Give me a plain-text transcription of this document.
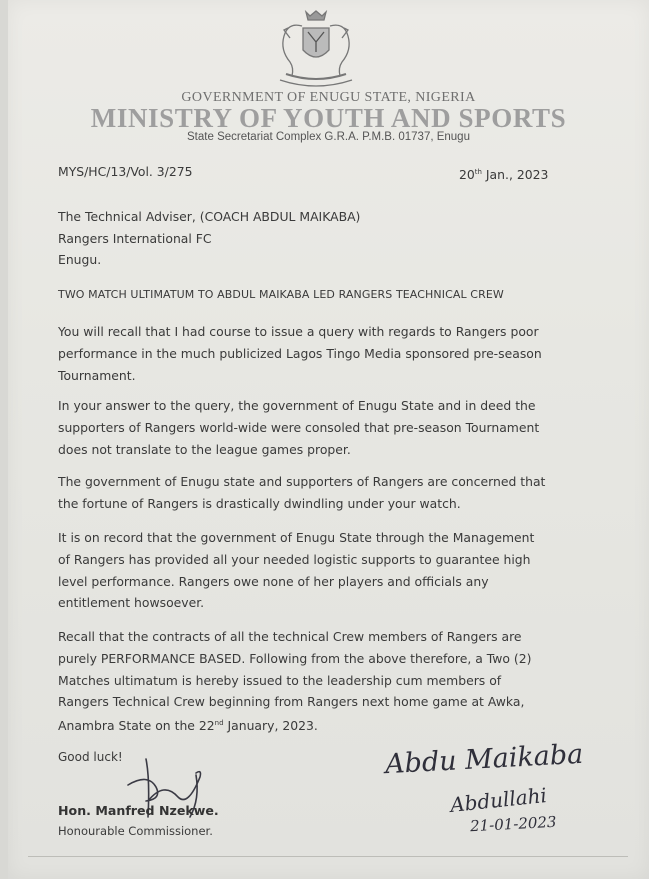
GOVERNMENT OF ENUGU STATE, NIGERIA
MINISTRY OF YOUTH AND SPORTS
State Secretariat Complex G.R.A. P.M.B. 01737, Enugu
MYS/HC/13/Vol. 3/275	20th Jan., 2023
The Technical Adviser, (COACH ABDUL MAIKABA)
Rangers International FC
Enugu.
TWO MATCH ULTIMATUM TO ABDUL MAIKABA LED RANGERS TEACHNICAL CREW
You will recall that I had course to issue a query with regards to Rangers poor
performance in the much publicized Lagos Tingo Media sponsored pre-season
Tournament.
In your answer to the query, the government of Enugu State and in deed the
supporters of Rangers world-wide were consoled that pre-season Tournament
does not translate to the league games proper.
The government of Enugu state and supporters of Rangers are concerned that
the fortune of Rangers is drastically dwindling under your watch.
It is on record that the government of Enugu State through the Management
of Rangers has provided all your needed logistic supports to guarantee high
level performance. Rangers owe none of her players and officials any
entitlement howsoever.
Recall that the contracts of all the technical Crew members of Rangers are
purely PERFORMANCE BASED. Following from the above therefore, a Two (2)
Matches ultimatum is hereby issued to the leadership cum members of
Rangers Technical Crew beginning from Rangers next home game at Awka,
Anambra State on the 22nd January, 2023.
Good luck!
Hon. Manfred Nzekwe.
Honourable Commissioner.
Abdu Maikaba
Abdullahi
21-01-2023
